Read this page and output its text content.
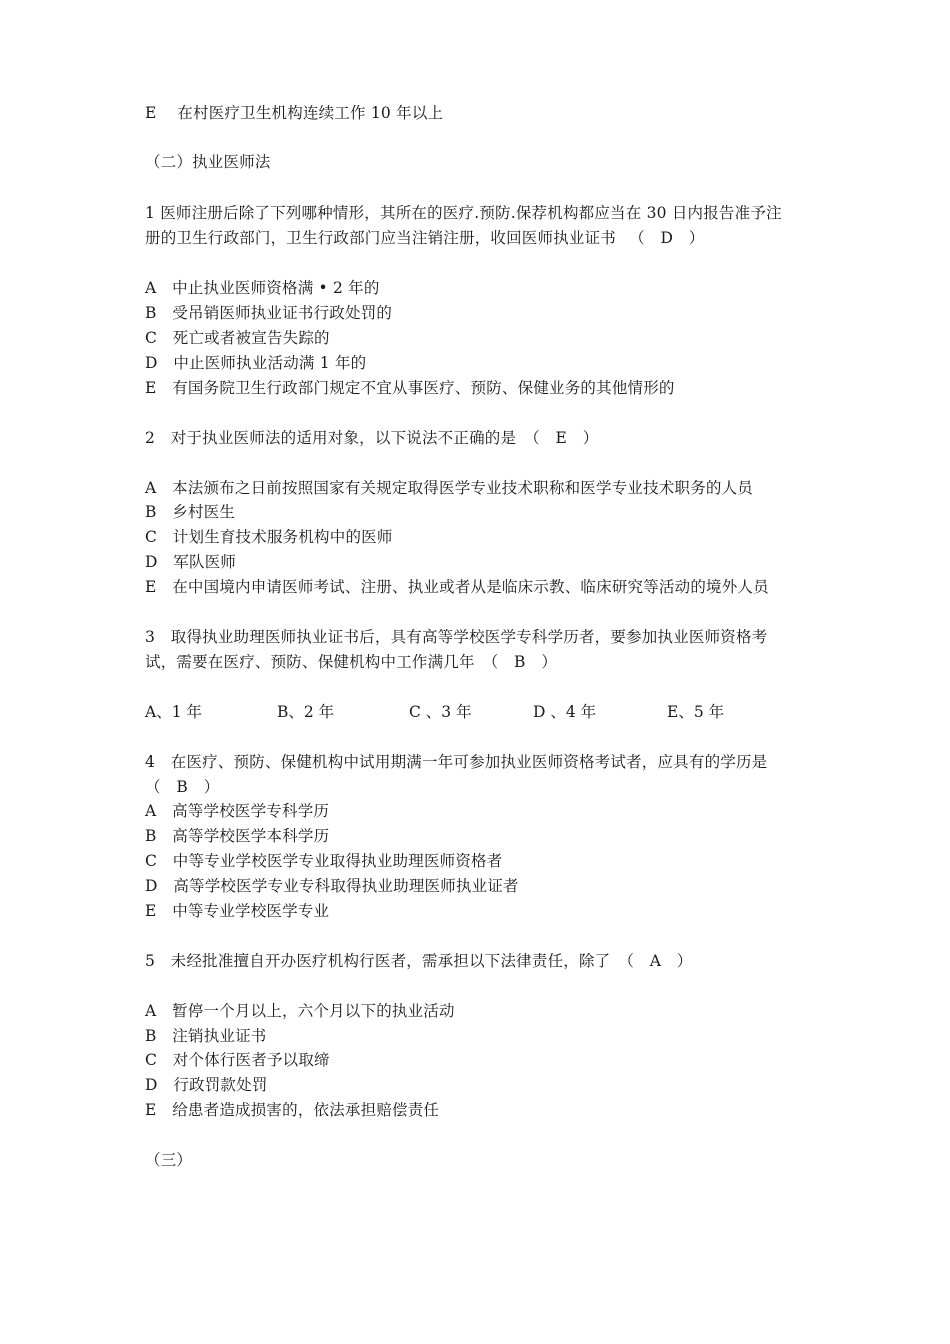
E　 在村医疗卫生机构连续工作 10 年以上
（二）执业医师法
1 医师注册后除了下列哪种情形，其所在的医疗.预防.保荐机构都应当在 30 日内报告准予注
册的卫生行政部门，卫生行政部门应当注销注册，收回医师执业证书 　（　D　）
A　中止执业医师资格满 • 2 年的
B　受吊销医师执业证书行政处罚的
C　死亡或者被宣告失踪的
D　中止医师执业活动满 1 年的
E　有国务院卫生行政部门规定不宜从事医疗、预防、保健业务的其他情形的
2　对于执业医师法的适用对象，以下说法不正确的是　（　E　）
A　本法颁布之日前按照国家有关规定取得医学专业技术职称和医学专业技术职务的人员
B　乡村医生
C　计划生育技术服务机构中的医师
D　军队医师
E　在中国境内申请医师考试、注册、执业或者从是临床示教、临床研究等活动的境外人员
3　取得执业助理医师执业证书后，具有高等学校医学专科学历者，要参加执业医师资格考
试，需要在医疗、预防、保健机构中工作满几年　（　B　）
A、1 年	B、2 年	C 、3 年	D 、4 年	E、5 年
4　在医疗、预防、保健机构中试用期满一年可参加执业医师资格考试者，应具有的学历是
（　B　）
A　高等学校医学专科学历
B　高等学校医学本科学历
C　中等专业学校医学专业取得执业助理医师资格者
D　高等学校医学专业专科取得执业助理医师执业证者
E　中等专业学校医学专业
5　未经批准擅自开办医疗机构行医者，需承担以下法律责任，除了　（　A　）
A　暂停一个月以上，六个月以下的执业活动
B　注销执业证书
C　对个体行医者予以取缔
D　行政罚款处罚
E　给患者造成损害的，依法承担赔偿责任
（三）
